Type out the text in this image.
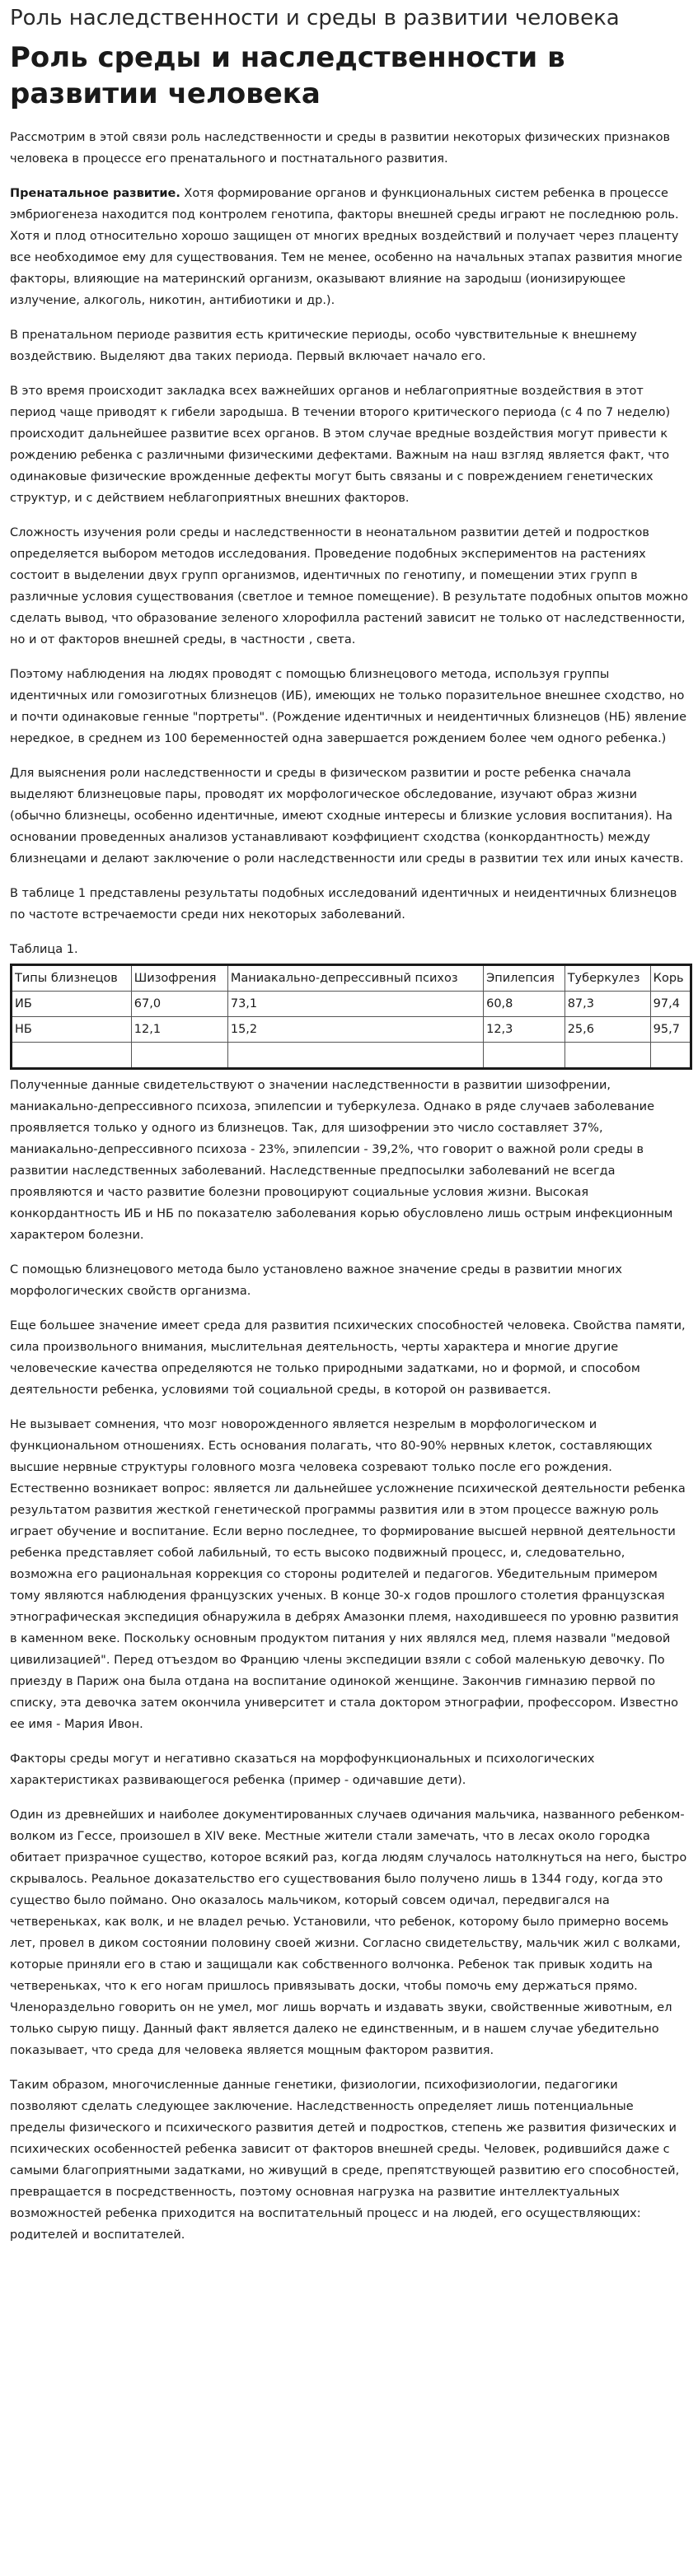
Роль наследственности и среды в развитии человека
Роль среды и наследственности в развитии человека

Рассмотрим в этой связи роль наследственности и среды в развитии некоторых физических признаков человека в процессе его пренатального и постнатального развития.

Пренатальное развитие. Хотя формирование органов и функциональных систем ребенка в процессе эмбриогенеза находится под контролем генотипа, факторы внешней среды играют не последнюю роль. Хотя и плод относительно хорошо защищен от многих вредных воздействий и получает через плаценту все необходимое ему для существования. Тем не менее, особенно на начальных этапах развития многие факторы, влияющие на материнский организм, оказывают влияние на зародыш (ионизирующее излучение, алкоголь, никотин, антибиотики и др.).

В пренатальном периоде развития есть критические периоды, особо чувствительные к внешнему воздействию. Выделяют два таких периода. Первый включает начало его.

В это время происходит закладка всех важнейших органов и неблагоприятные воздействия в этот период чаще приводят к гибели зародыша. В течении второго критического периода (с 4 по 7 неделю) происходит дальнейшее развитие всех органов. В этом случае вредные воздействия могут привести к рождению ребенка с различными физическими дефектами. Важным на наш взгляд является факт, что одинаковые физические врожденные дефекты могут быть связаны и с повреждением генетических структур, и с действием неблагоприятных внешних факторов.

Сложность изучения роли среды и наследственности в неонатальном развитии детей и подростков определяется выбором методов исследования. Проведение подобных экспериментов на растениях состоит в выделении двух групп организмов, идентичных по генотипу, и помещении этих групп в различные условия существования (светлое и темное помещение). В результате подобных опытов можно сделать вывод, что образование зеленого хлорофилла растений зависит не только от наследственности, но и от факторов внешней среды, в частности , света.

Поэтому наблюдения на людях проводят с помощью близнецового метода, используя группы идентичных или гомозиготных близнецов (ИБ), имеющих не только поразительное внешнее сходство, но и почти одинаковые генные "портреты". (Рождение идентичных и неидентичных близнецов (НБ) явление нередкое, в среднем из 100 беременностей одна завершается рождением более чем одного ребенка.)

Для выяснения роли наследственности и среды в физическом развитии и росте ребенка сначала выделяют близнецовые пары, проводят их морфологическое обследование, изучают образ жизни (обычно близнецы, особенно идентичные, имеют сходные интересы и близкие условия воспитания). На основании проведенных анализов устанавливают коэффициент сходства (конкордантность) между близнецами и делают заключение о роли наследственности или среды в развитии тех или иных качеств.

В таблице 1 представлены результаты подобных исследований идентичных и неидентичных близнецов по частоте встречаемости среди них некоторых заболеваний.

Таблица 1.
Типы близнецов	Шизофрения	Маниакально-депрессивный психоз	Эпилепсия	Туберкулез	Корь
ИБ	67,0	73,1	60,8	87,3	97,4
НБ	12,1	15,2	12,3	25,6	95,7

Полученные данные свидетельствуют о значении наследственности в развитии шизофрении, маниакально-депрессивного психоза, эпилепсии и туберкулеза. Однако в ряде случаев заболевание проявляется только у одного из близнецов. Так, для шизофрении это число составляет 37%, маниакально-депрессивного психоза - 23%, эпилепсии - 39,2%, что говорит о важной роли среды в развитии наследственных заболеваний. Наследственные предпосылки заболеваний не всегда проявляются и часто развитие болезни провоцируют социальные условия жизни. Высокая конкордантность ИБ и НБ по показателю заболевания корью обусловлено лишь острым инфекционным характером болезни.

С помощью близнецового метода было установлено важное значение среды в развитии многих морфологических свойств организма.

Еще большее значение имеет среда для развития психических способностей человека. Свойства памяти, сила произвольного внимания, мыслительная деятельность, черты характера и многие другие человеческие качества определяются не только природными задатками, но и формой, и способом деятельности ребенка, условиями той социальной среды, в которой он развивается.

Не вызывает сомнения, что мозг новорожденного является незрелым в морфологическом и функциональном отношениях. Есть основания полагать, что 80-90% нервных клеток, составляющих высшие нервные структуры головного мозга человека созревают только после его рождения. Естественно возникает вопрос: является ли дальнейшее усложнение психической деятельности ребенка результатом развития жесткой генетической программы развития или в этом процессе важную роль играет обучение и воспитание. Если верно последнее, то формирование высшей нервной деятельности ребенка представляет собой лабильный, то есть высоко подвижный процесс, и, следовательно, возможна его рациональная коррекция со стороны родителей и педагогов. Убедительным примером тому являются наблюдения французских ученых. В конце 30-х годов прошлого столетия французская этнографическая экспедиция обнаружила в дебрях Амазонки племя, находившееся по уровню развития в каменном веке. Поскольку основным продуктом питания у них являлся мед, племя назвали "медовой цивилизацией". Перед отъездом во Францию члены экспедиции взяли с собой маленькую девочку. По приезду в Париж она была отдана на воспитание одинокой женщине. Закончив гимназию первой по списку, эта девочка затем окончила университет и стала доктором этнографии, профессором. Известно ее имя - Мария Ивон.

Факторы среды могут и негативно сказаться на морфофункциональных и психологических характеристиках развивающегося ребенка (пример - одичавшие дети).

Один из древнейших и наиболее документированных случаев одичания мальчика, названного ребенком-волком из Гессе, произошел в XIV веке. Местные жители стали замечать, что в лесах около городка обитает призрачное существо, которое всякий раз, когда людям случалось натолкнуться на него, быстро скрывалось. Реальное доказательство его существования было получено лишь в 1344 году, когда это существо было поймано. Оно оказалось мальчиком, который совсем одичал, передвигался на четвереньках, как волк, и не владел речью. Установили, что ребенок, которому было примерно восемь лет, провел в диком состоянии половину своей жизни. Согласно свидетельству, мальчик жил с волками, которые приняли его в стаю и защищали как собственного волчонка. Ребенок так привык ходить на четвереньках, что к его ногам пришлось привязывать доски, чтобы помочь ему держаться прямо. Членораздельно говорить он не умел, мог лишь ворчать и издавать звуки, свойственные животным, ел только сырую пищу. Данный факт является далеко не единственным, и в нашем случае убедительно показывает, что среда для человека является мощным фактором развития.

Таким образом, многочисленные данные генетики, физиологии, психофизиологии, педагогики позволяют сделать следующее заключение. Наследственность определяет лишь потенциальные пределы физического и психического развития детей и подростков, степень же развития физических и психических особенностей ребенка зависит от факторов внешней среды. Человек, родившийся даже с самыми благоприятными задатками, но живущий в среде, препятствующей развитию его способностей, превращается в посредственность, поэтому основная нагрузка на развитие интеллектуальных возможностей ребенка приходится на воспитательный процесс и на людей, его осуществляющих: родителей и воспитателей.
